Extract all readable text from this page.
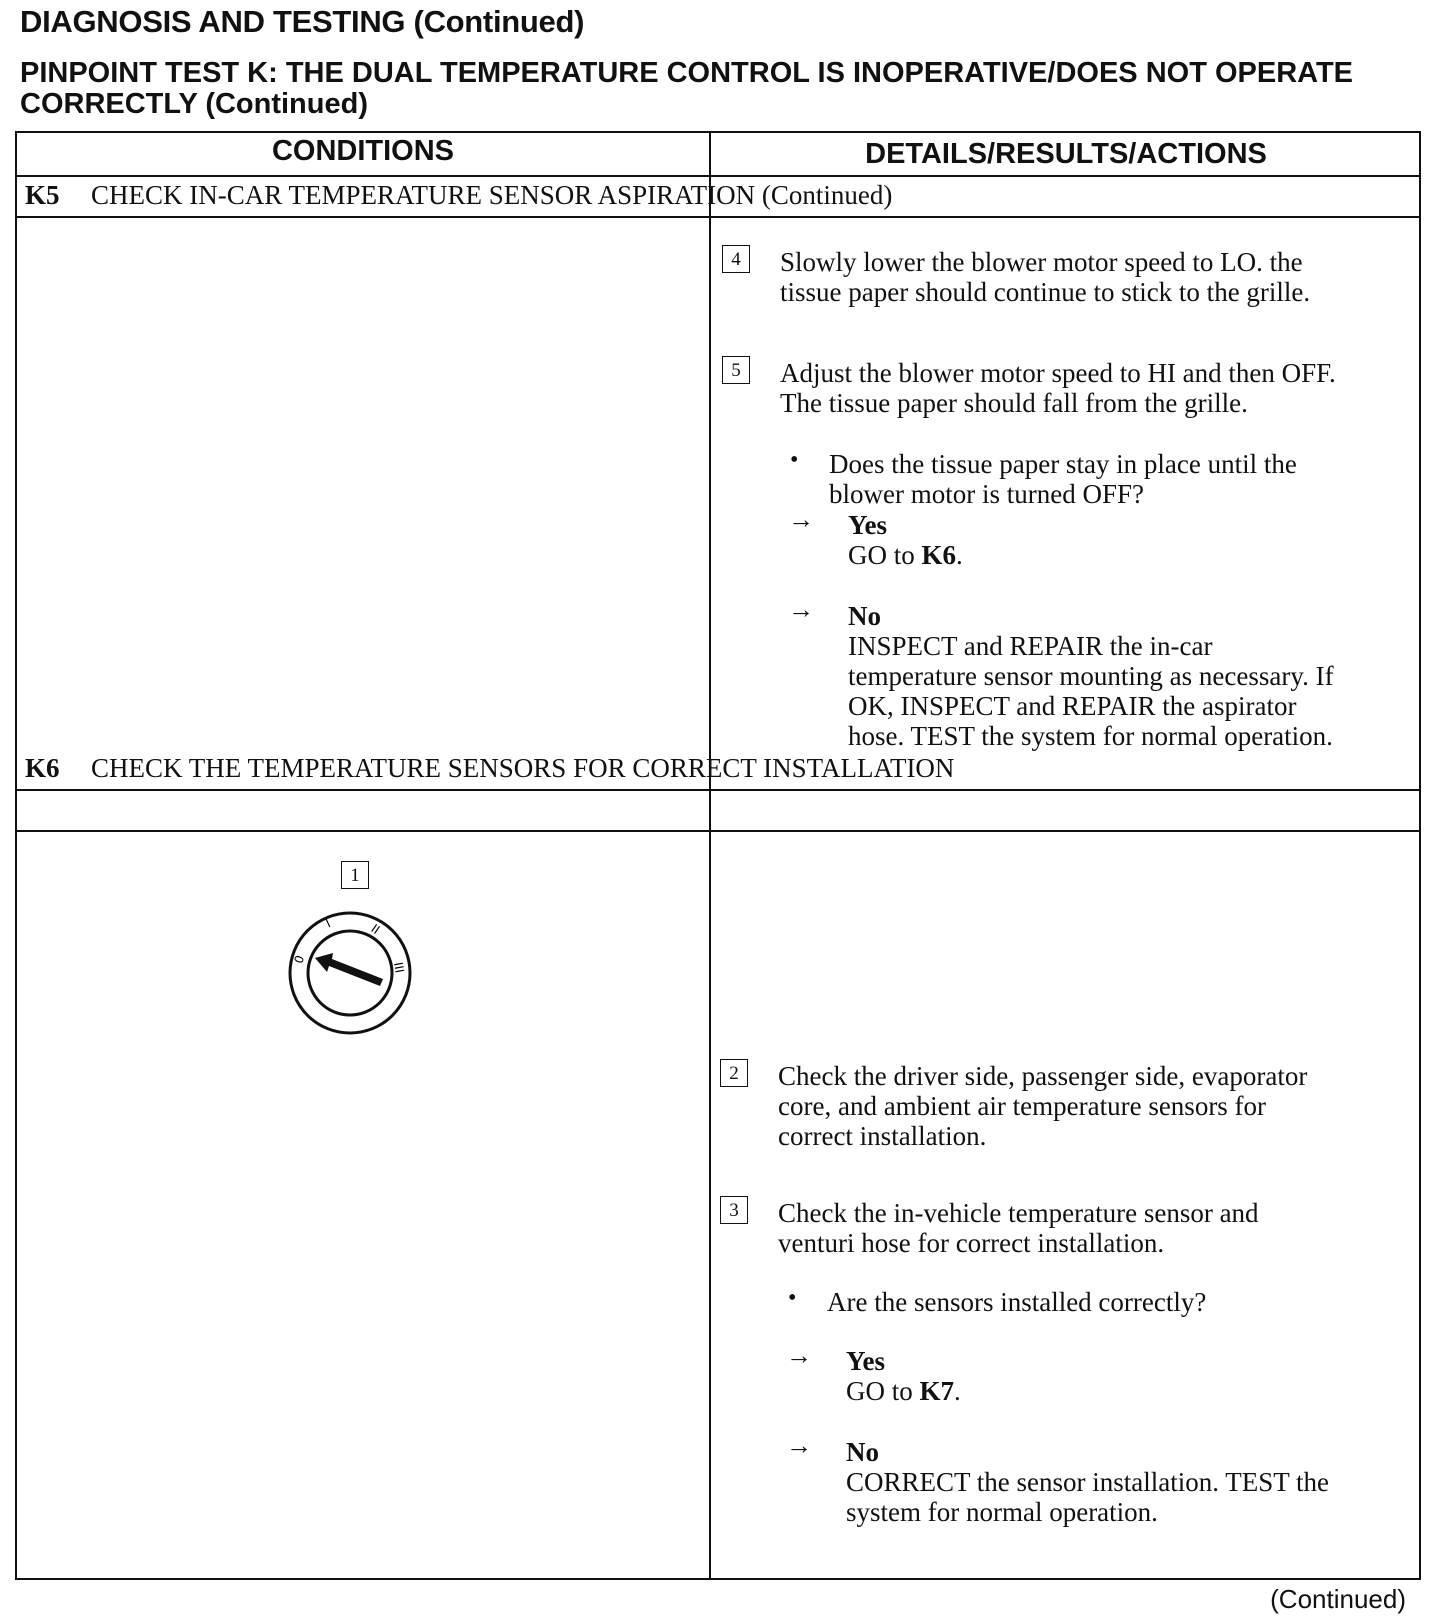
DIAGNOSIS AND TESTING (Continued)
PINPOINT TEST K: THE DUAL TEMPERATURE CONTROL IS INOPERATIVE/DOES NOT OPERATE CORRECTLY (Continued)
CONDITIONS	DETAILS/RESULTS/ACTIONS
K5 CHECK IN-CAR TEMPERATURE SENSOR ASPIRATION (Continued)
4	Slowly lower the blower motor speed to LO. the
tissue paper should continue to stick to the grille.
5	Adjust the blower motor speed to HI and then OFF.
The tissue paper should fall from the grille.
• Does the tissue paper stay in place until the
blower motor is turned OFF?
→ Yes
GO to K6.
→ No
INSPECT and REPAIR the in-car
temperature sensor mounting as necessary. If
OK, INSPECT and REPAIR the aspirator
hose. TEST the system for normal operation.
K6 CHECK THE TEMPERATURE SENSORS FOR CORRECT INSTALLATION
1
0
I	II
III
2	Check the driver side, passenger side, evaporator
core, and ambient air temperature sensors for
correct installation.
3	Check the in-vehicle temperature sensor and
venturi hose for correct installation.
• Are the sensors installed correctly?
→ Yes
GO to K7.
→ No
CORRECT the sensor installation. TEST the
system for normal operation.
(Continued)
